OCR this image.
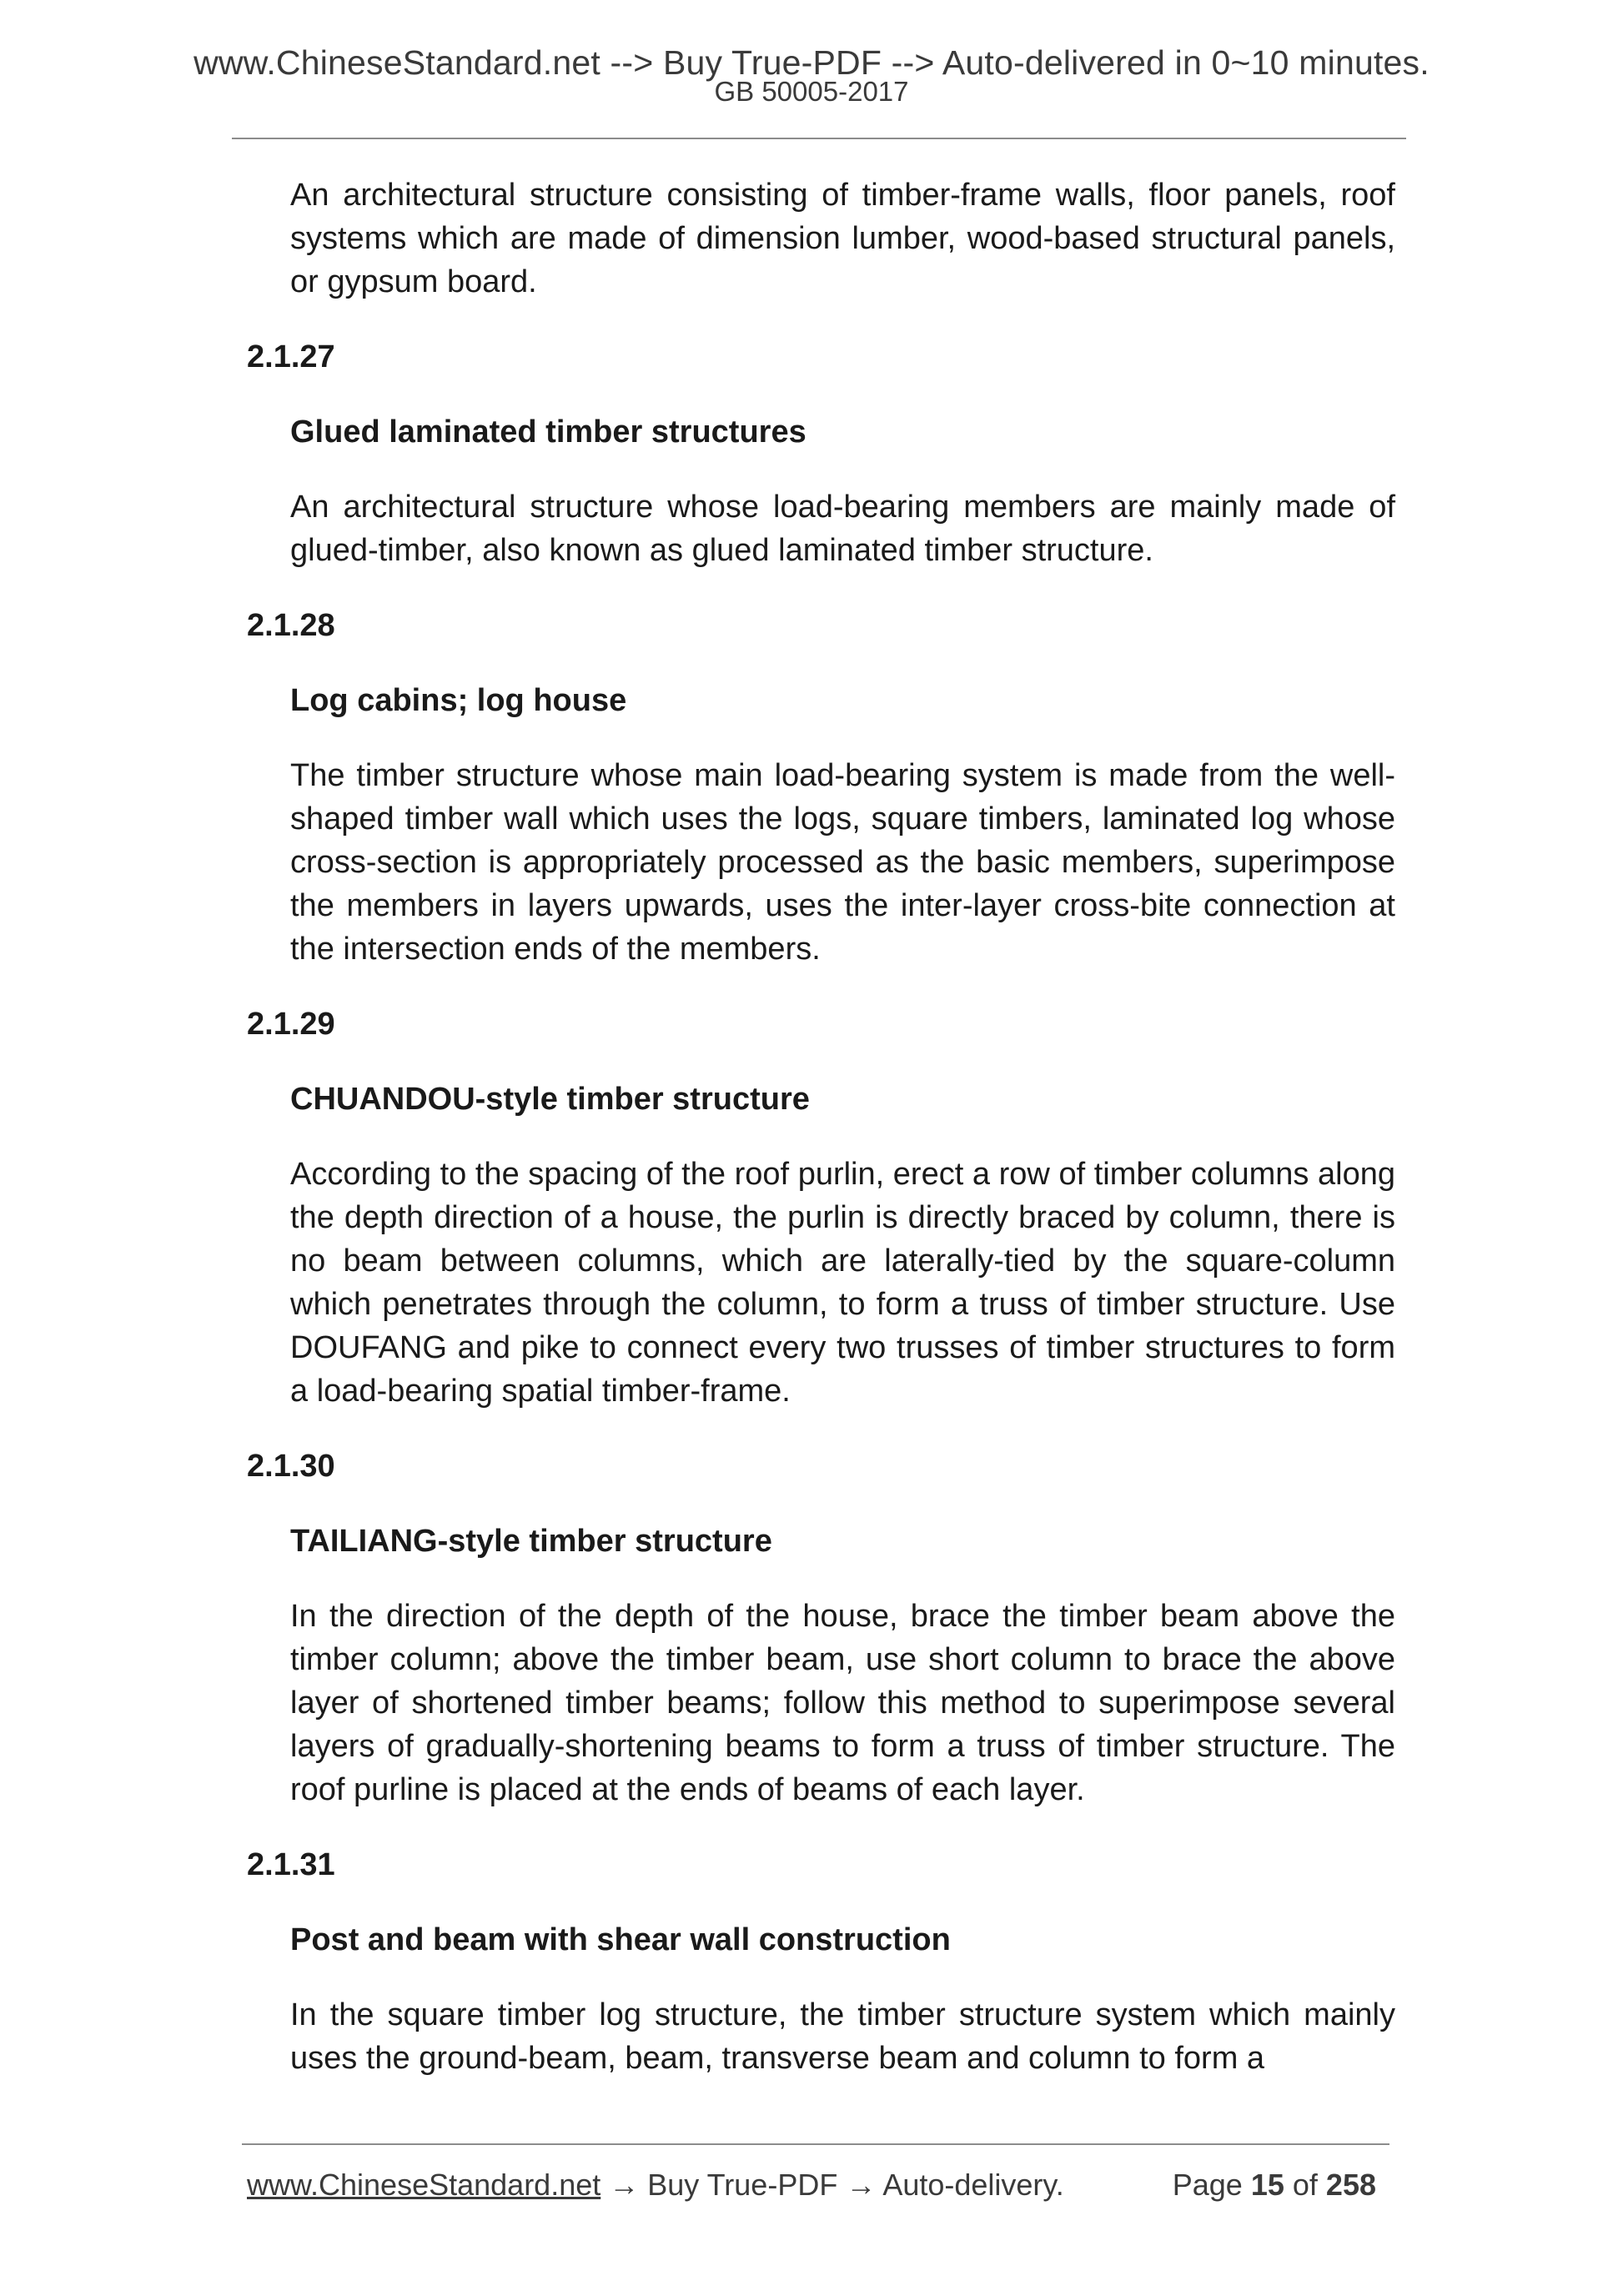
www.ChineseStandard.net --> Buy True-PDF --> Auto-delivered in 0~10 minutes.
GB 50005-2017

An architectural structure consisting of timber-frame walls, floor panels, roof systems which are made of dimension lumber, wood-based structural panels, or gypsum board.

2.1.27
Glued laminated timber structures

An architectural structure whose load-bearing members are mainly made of glued-timber, also known as glued laminated timber structure.

2.1.28
Log cabins; log house

The timber structure whose main load-bearing system is made from the well-shaped timber wall which uses the logs, square timbers, laminated log whose cross-section is appropriately processed as the basic members, superimpose the members in layers upwards, uses the inter-layer cross-bite connection at the intersection ends of the members.

2.1.29
CHUANDOU-style timber structure

According to the spacing of the roof purlin, erect a row of timber columns along the depth direction of a house, the purlin is directly braced by column, there is no beam between columns, which are laterally-tied by the square-column which penetrates through the column, to form a truss of timber structure. Use DOUFANG and pike to connect every two trusses of timber structures to form a load-bearing spatial timber-frame.

2.1.30
TAILIANG-style timber structure

In the direction of the depth of the house, brace the timber beam above the timber column; above the timber beam, use short column to brace the above layer of shortened timber beams; follow this method to superimpose several layers of gradually-shortening beams to form a truss of timber structure. The roof purline is placed at the ends of beams of each layer.

2.1.31
Post and beam with shear wall construction

In the square timber log structure, the timber structure system which mainly uses the ground-beam, beam, transverse beam and column to form a

www.ChineseStandard.net → Buy True-PDF → Auto-delivery.	Page 15 of 258
